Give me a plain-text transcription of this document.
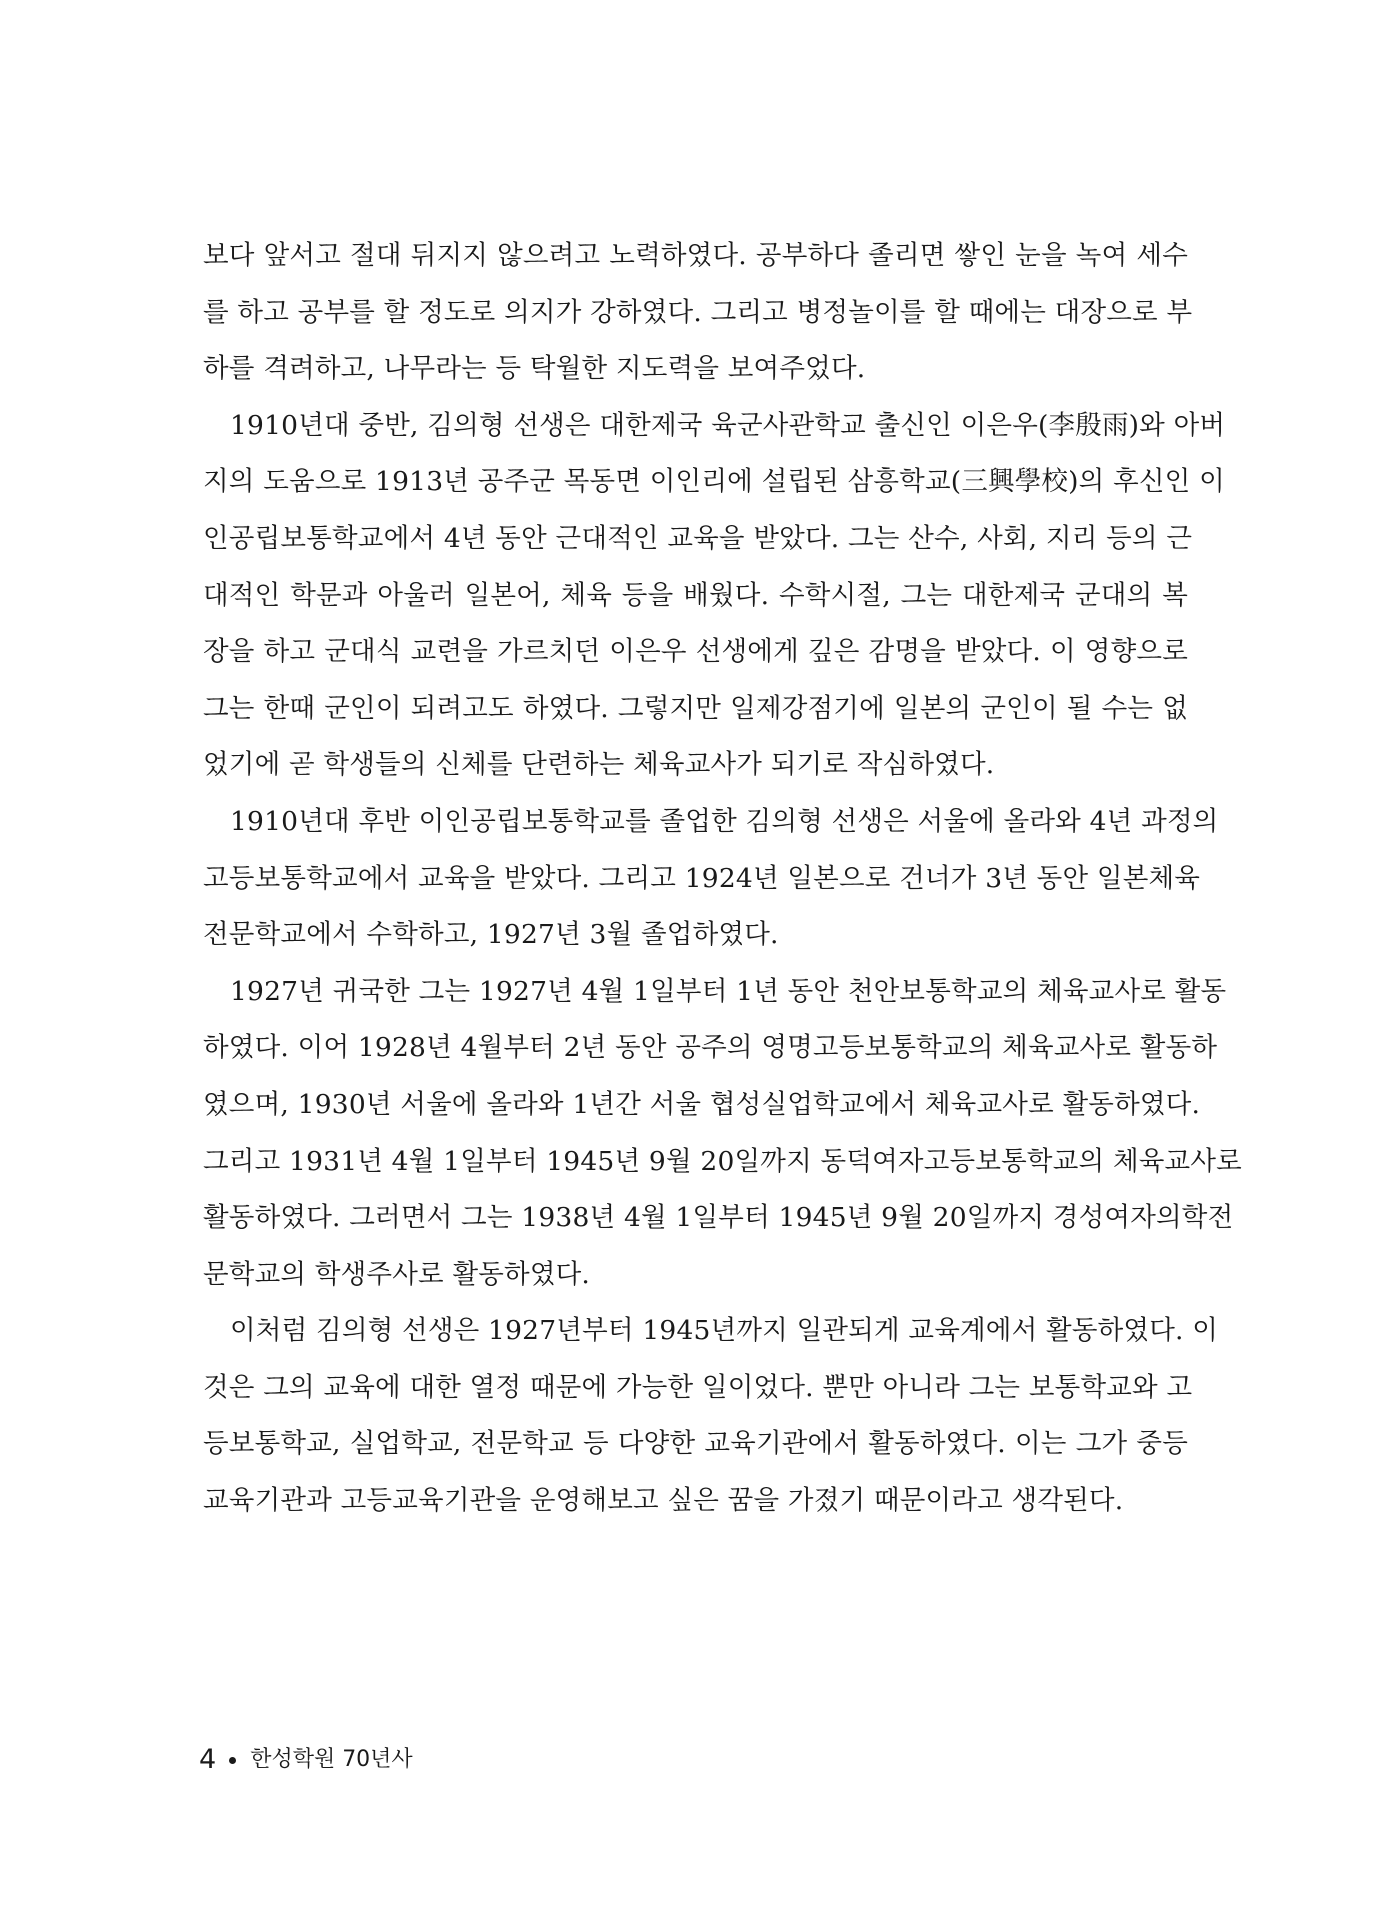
보다 앞서고 절대 뒤지지 않으려고 노력하였다. 공부하다 졸리면 쌓인 눈을 녹여 세수
를 하고 공부를 할 정도로 의지가 강하였다. 그리고 병정놀이를 할 때에는 대장으로 부
하를 격려하고, 나무라는 등 탁월한 지도력을 보여주었다.
1910년대 중반, 김의형 선생은 대한제국 육군사관학교 출신인 이은우(李殷雨)와 아버
지의 도움으로 1913년 공주군 목동면 이인리에 설립된 삼흥학교(三興學校)의 후신인 이
인공립보통학교에서 4년 동안 근대적인 교육을 받았다. 그는 산수, 사회, 지리 등의 근
대적인 학문과 아울러 일본어, 체육 등을 배웠다. 수학시절, 그는 대한제국 군대의 복
장을 하고 군대식 교련을 가르치던 이은우 선생에게 깊은 감명을 받았다. 이 영향으로
그는 한때 군인이 되려고도 하였다. 그렇지만 일제강점기에 일본의 군인이 될 수는 없
었기에 곧 학생들의 신체를 단련하는 체육교사가 되기로 작심하였다.
1910년대 후반 이인공립보통학교를 졸업한 김의형 선생은 서울에 올라와 4년 과정의
고등보통학교에서 교육을 받았다. 그리고 1924년 일본으로 건너가 3년 동안 일본체육
전문학교에서 수학하고, 1927년 3월 졸업하였다.
1927년 귀국한 그는 1927년 4월 1일부터 1년 동안 천안보통학교의 체육교사로 활동
하였다. 이어 1928년 4월부터 2년 동안 공주의 영명고등보통학교의 체육교사로 활동하
였으며, 1930년 서울에 올라와 1년간 서울 협성실업학교에서 체육교사로 활동하였다.
그리고 1931년 4월 1일부터 1945년 9월 20일까지 동덕여자고등보통학교의 체육교사로
활동하였다. 그러면서 그는 1938년 4월 1일부터 1945년 9월 20일까지 경성여자의학전
문학교의 학생주사로 활동하였다.
이처럼 김의형 선생은 1927년부터 1945년까지 일관되게 교육계에서 활동하였다. 이
것은 그의 교육에 대한 열정 때문에 가능한 일이었다. 뿐만 아니라 그는 보통학교와 고
등보통학교, 실업학교, 전문학교 등 다양한 교육기관에서 활동하였다. 이는 그가 중등
교육기관과 고등교육기관을 운영해보고 싶은 꿈을 가졌기 때문이라고 생각된다.
4 한성학원 70년사
